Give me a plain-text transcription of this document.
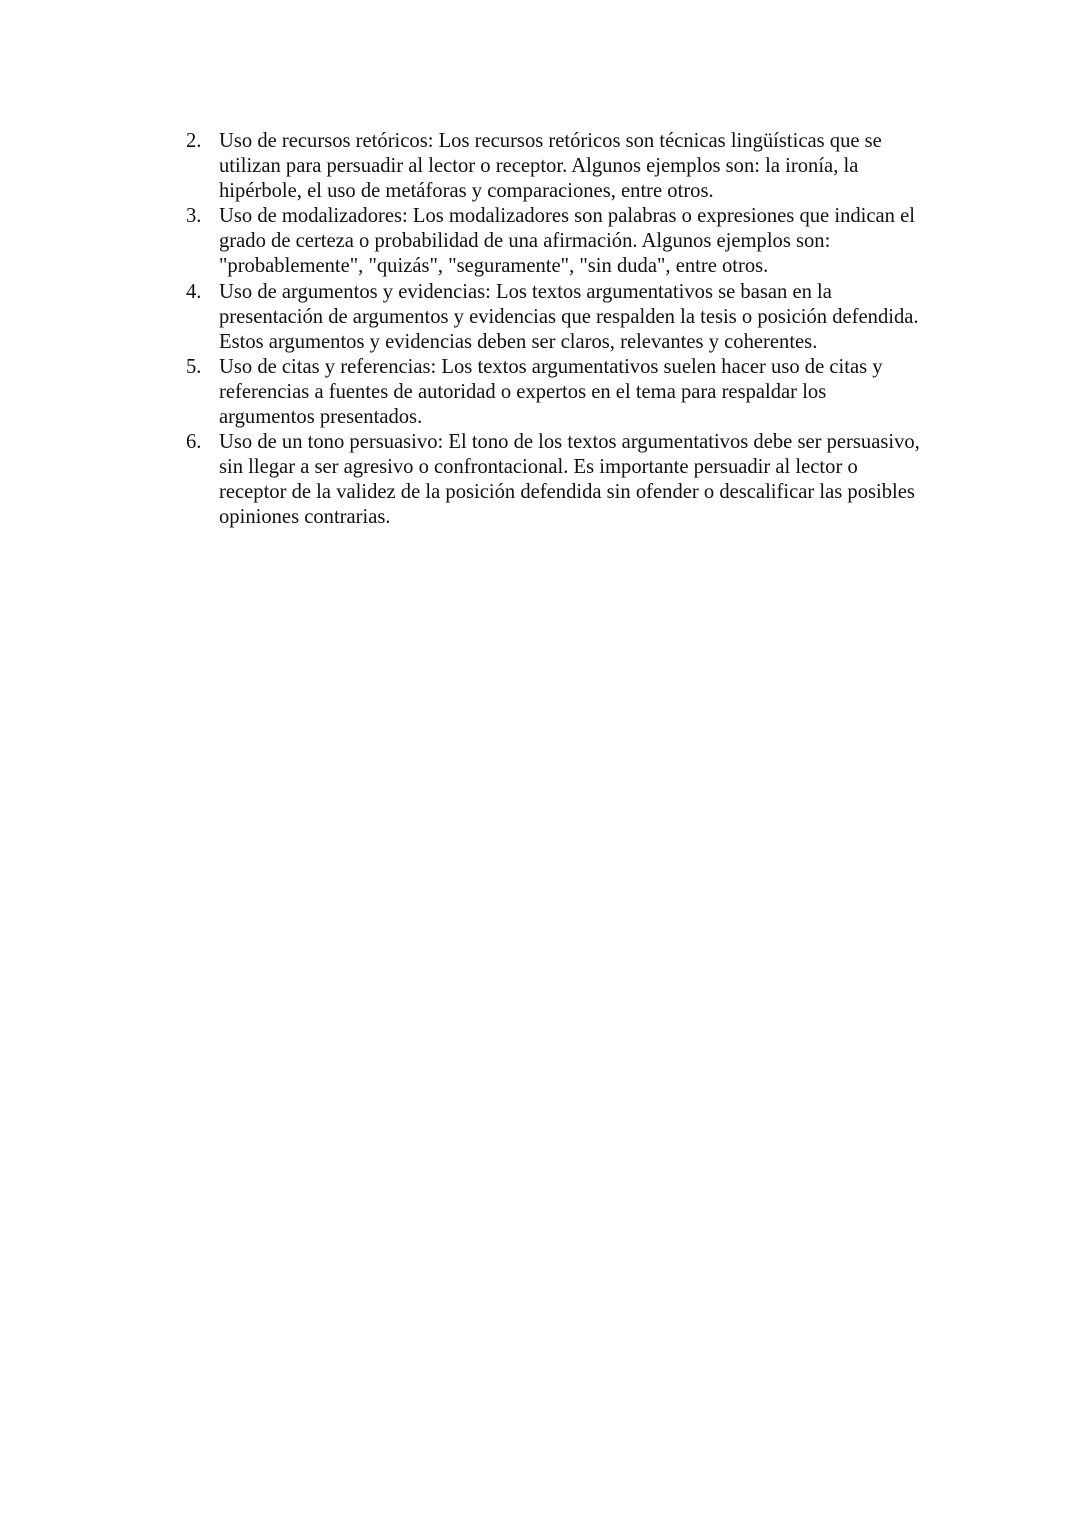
2. Uso de recursos retóricos: Los recursos retóricos son técnicas lingüísticas que se utilizan para persuadir al lector o receptor. Algunos ejemplos son: la ironía, la hipérbole, el uso de metáforas y comparaciones, entre otros.
3. Uso de modalizadores: Los modalizadores son palabras o expresiones que indican el grado de certeza o probabilidad de una afirmación. Algunos ejemplos son: "probablemente", "quizás", "seguramente", "sin duda", entre otros.
4. Uso de argumentos y evidencias: Los textos argumentativos se basan en la presentación de argumentos y evidencias que respalden la tesis o posición defendida. Estos argumentos y evidencias deben ser claros, relevantes y coherentes.
5. Uso de citas y referencias: Los textos argumentativos suelen hacer uso de citas y referencias a fuentes de autoridad o expertos en el tema para respaldar los argumentos presentados.
6. Uso de un tono persuasivo: El tono de los textos argumentativos debe ser persuasivo, sin llegar a ser agresivo o confrontacional. Es importante persuadir al lector o receptor de la validez de la posición defendida sin ofender o descalificar las posibles opiniones contrarias.
